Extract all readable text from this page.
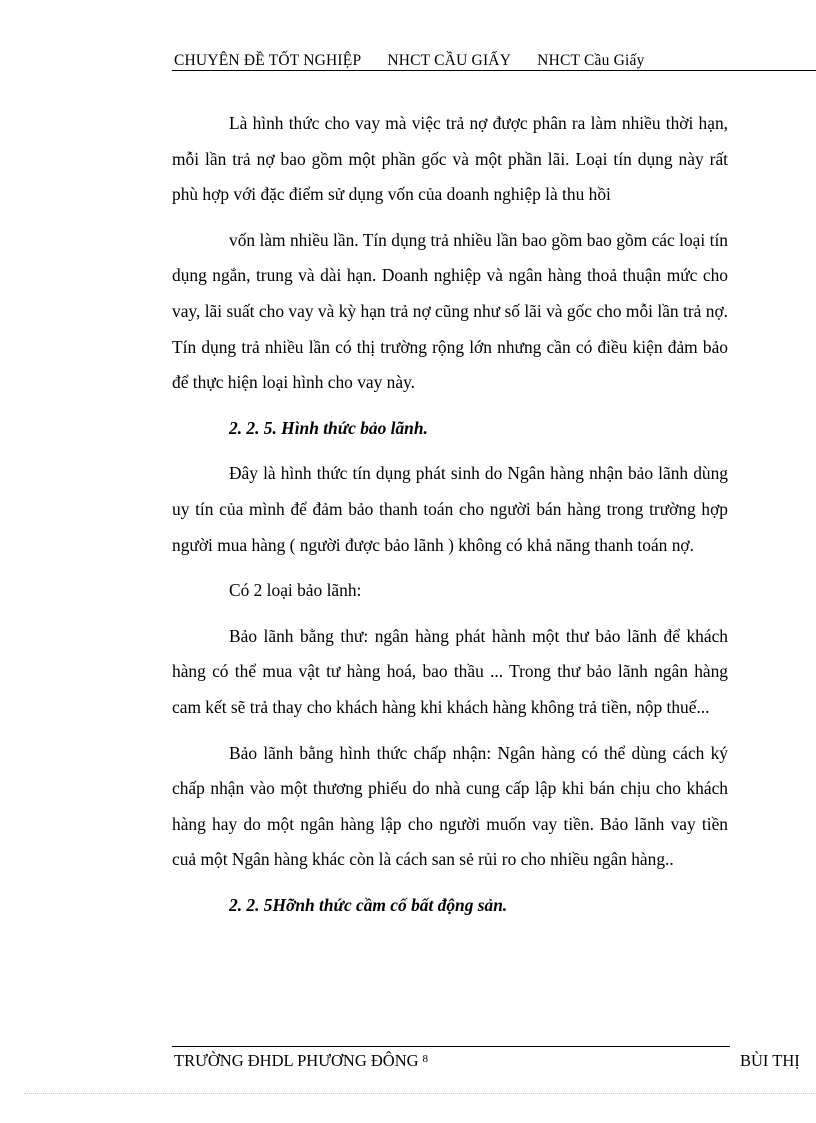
CHUYÊN ĐỀ TỐT NGHIỆP NHCT CẦU GIẤY NHCT Cầu Giấy

Là hình thức cho vay mà việc trả nợ được phân ra làm nhiều thời hạn, mỗi lần trả nợ bao gồm một phần gốc và một phần lãi. Loại tín dụng này rất phù hợp với đặc điểm sử dụng vốn của doanh nghiệp là thu hồi

vốn làm nhiều lần. Tín dụng trả nhiều lần bao gồm bao gồm các loại tín dụng ngắn, trung và dài hạn. Doanh nghiệp và ngân hàng thoả thuận mức cho vay, lãi suất cho vay và kỳ hạn trả nợ cũng như số lãi và gốc cho mỗi lần trả nợ. Tín dụng trả nhiều lần có thị trường rộng lớn nhưng cần có điều kiện đảm bảo để thực hiện loại hình cho vay này.

2. 2. 5. Hình thức bảo lãnh.

Đây là hình thức tín dụng phát sinh do Ngân hàng nhận bảo lãnh dùng uy tín của mình để đảm bảo thanh toán cho người bán hàng trong trường hợp người mua hàng ( người được bảo lãnh ) không có khả năng thanh toán nợ.

Có 2 loại bảo lãnh:

Bảo lãnh bằng thư: ngân hàng phát hành một thư bảo lãnh để khách hàng có thể mua vật tư hàng hoá, bao thầu ... Trong thư bảo lãnh ngân hàng cam kết sẽ trả thay cho khách hàng khi khách hàng không trả tiền, nộp thuế...

Bảo lãnh bằng hình thức chấp nhận: Ngân hàng có thể dùng cách ký chấp nhận vào một thương phiếu do nhà cung cấp lập khi bán chịu cho khách hàng hay do một ngân hàng lập cho người muốn vay tiền. Bảo lãnh vay tiền cuả một Ngân hàng khác còn là cách san sẻ rủi ro cho nhiều ngân hàng..

2. 2. 5Hỡnh thức cầm cố bất động sản.

TRƯỜNG ĐHDL PHƯƠNG ĐÔNG $^8$	BÙI THỊ
